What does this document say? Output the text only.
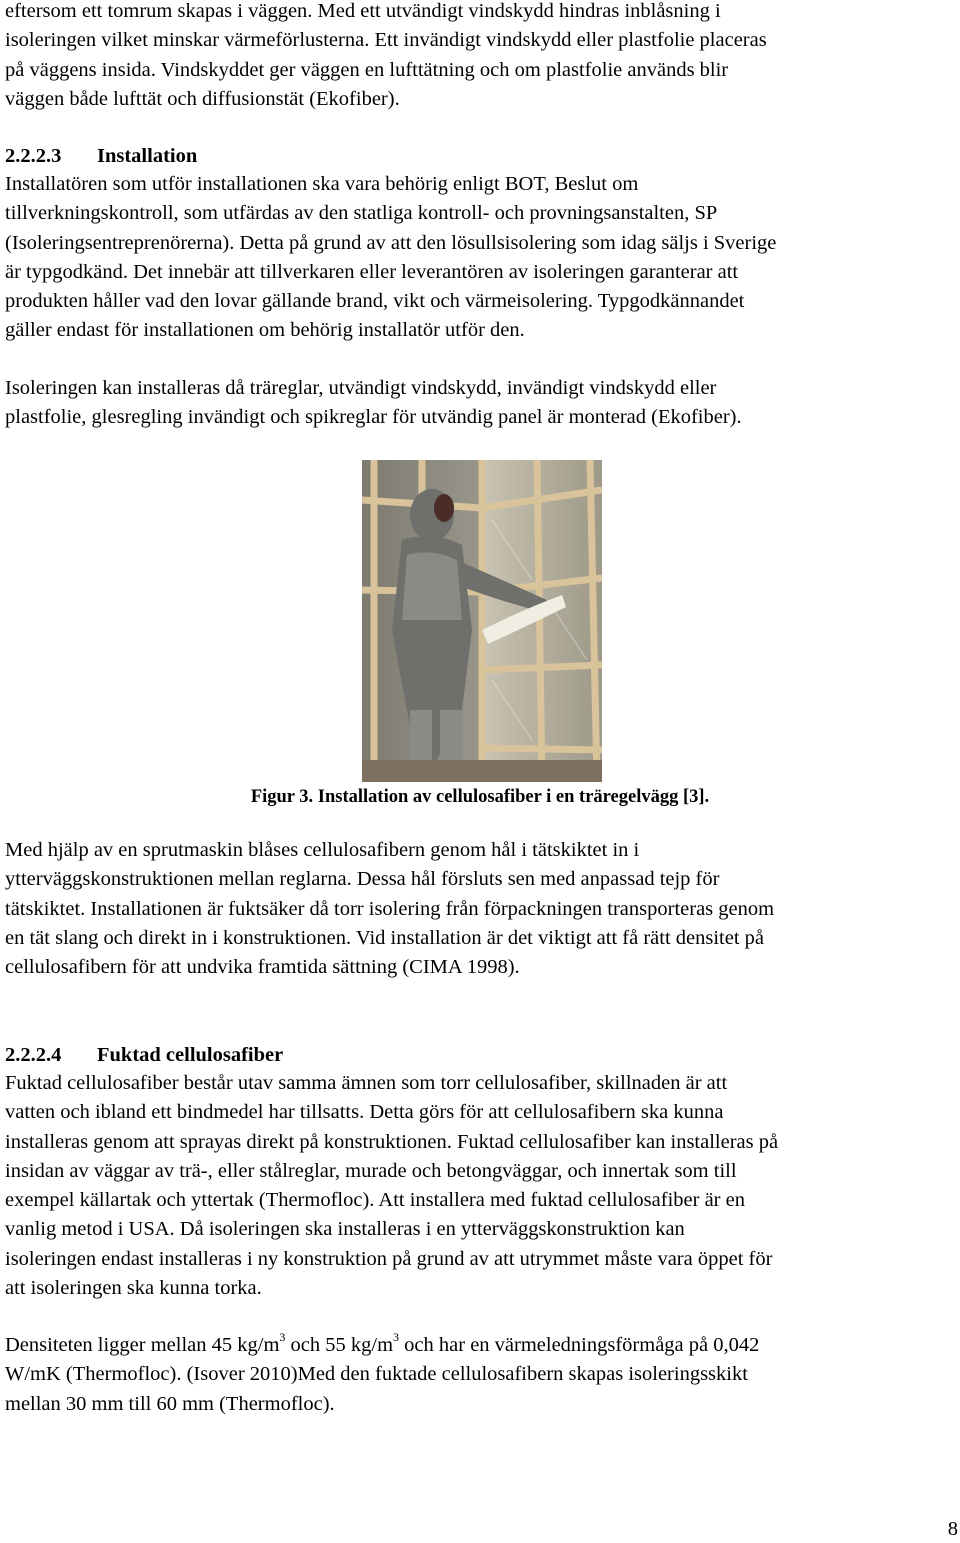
eftersom ett tomrum skapas i väggen. Med ett utvändigt vindskydd hindras inblåsning i

isoleringen vilket minskar värmeförlusterna. Ett invändigt vindskydd eller plastfolie placeras

på väggens insida. Vindskyddet ger väggen en lufttätning och om plastfolie används blir

väggen både lufttät och diffusionstät (Ekofiber).

2.2.2.3 Installation

Installatören som utför installationen ska vara behörig enligt BOT, Beslut om

tillverkningskontroll, som utfärdas av den statliga kontroll- och provningsanstalten, SP

(Isoleringsentreprenörerna). Detta på grund av att den lösullsisolering som idag säljs i Sverige

är typgodkänd. Det innebär att tillverkaren eller leverantören av isoleringen garanterar att

produkten håller vad den lovar gällande brand, vikt och värmeisolering. Typgodkännandet

gäller endast för installationen om behörig installatör utför den.

Isoleringen kan installeras då träreglar, utvändigt vindskydd, invändigt vindskydd eller

plastfolie, glesregling invändigt och spikreglar för utvändig panel är monterad (Ekofiber).

Figur 3. Installation av cellulosafiber i en träregelvägg [3].

Med hjälp av en sprutmaskin blåses cellulosafibern genom hål i tätskiktet in i

ytterväggskonstruktionen mellan reglarna. Dessa hål försluts sen med anpassad tejp för

tätskiktet. Installationen är fuktsäker då torr isolering från förpackningen transporteras genom

en tät slang och direkt in i konstruktionen. Vid installation är det viktigt att få rätt densitet på

cellulosafibern för att undvika framtida sättning (CIMA 1998).

2.2.2.4 Fuktad cellulosafiber

Fuktad cellulosafiber består utav samma ämnen som torr cellulosafiber, skillnaden är att

vatten och ibland ett bindmedel har tillsatts. Detta görs för att cellulosafibern ska kunna

installeras genom att sprayas direkt på konstruktionen. Fuktad cellulosafiber kan installeras på

insidan av väggar av trä-, eller stålreglar, murade och betongväggar, och innertak som till

exempel källartak och yttertak (Thermofloc). Att installera med fuktad cellulosafiber är en

vanlig metod i USA. Då isoleringen ska installeras i en ytterväggskonstruktion kan

isoleringen endast installeras i ny konstruktion på grund av att utrymmet måste vara öppet för

att isoleringen ska kunna torka.

Densiteten ligger mellan 45 $kg/m^3$ och 55 $kg/m^3$ och har en värmeledningsförmåga på 0,042

W/mK (Thermofloc). (Isover 2010)Med den fuktade cellulosafibern skapas isoleringsskikt

mellan 30 mm till 60 mm (Thermofloc).

8
